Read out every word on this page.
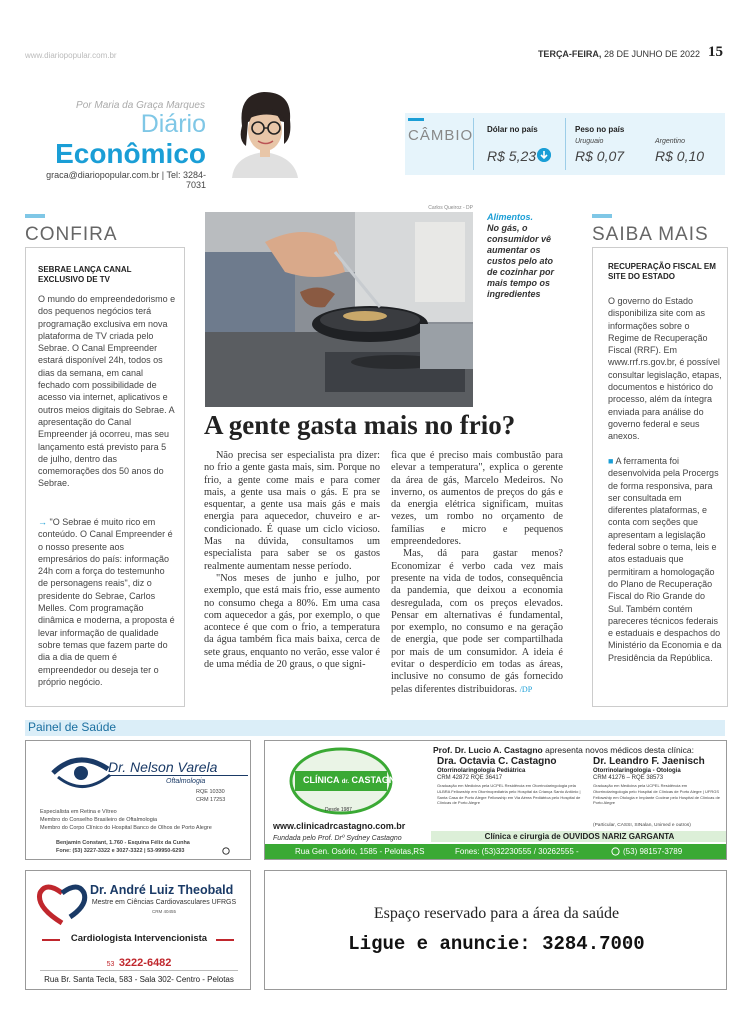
www.diariopopular.com.br	TERÇA-FEIRA, 28 DE JUNHO DE 2022 15
Por Maria da Graça Marques
Diário
Econômico
graca@diariopopular.com.br | Tel: 3284-7031
CÂMBIO Dólar no país
R$ 5,23
Peso no país
Uruguaio
R$ 0,07
Argentino
R$ 0,10
CONFIRA
SEBRAE LANÇA CANAL EXCLUSIVO DE TV
O mundo do empreendedorismo e dos pequenos negócios terá programação exclusiva em nova plataforma de TV criada pelo Sebrae. O Canal Empreender estará disponível 24h, todos os dias da semana, em canal fechado com possibilidade de acesso via internet, aplicativos e outros meios digitais do Sebrae. A apresentação do Canal Empreender já ocorreu, mas seu lançamento está previsto para 5 de julho, dentro das comemorações dos 50 anos do Sebrae.
→ "O Sebrae é muito rico em conteúdo. O Canal Empreender é o nosso presente aos empresários do país: informação 24h com a força do testemunho de personagens reais", diz o presidente do Sebrae, Carlos Melles. Com programação dinâmica e moderna, a proposta é levar informação de qualidade sobre temas que fazem parte do dia a dia de quem é empreendedor ou deseja ter o próprio negócio.
SAIBA MAIS
RECUPERAÇÃO FISCAL EM SITE DO ESTADO
O governo do Estado disponibiliza site com as informações sobre o Regime de Recuperação Fiscal (RRF). Em www.rrf.rs.gov.br, é possível consultar legislação, etapas, documentos e histórico do processo, além da íntegra enviada para análise do governo federal e seus anexos.
■ A ferramenta foi desenvolvida pela Procergs de forma responsiva, para ser consultada em diferentes plataformas, e conta com seções que apresentam a legislação federal sobre o tema, leis e atos estaduais que permitiram a homologação do Plano de Recuperação Fiscal do Rio Grande do Sul. Também contém pareceres técnicos federais e estaduais e despachos do Ministério da Economia e da Presidência da República.
Carlos Queiroz - DP
Alimentos.
No gás, o consumidor vê aumentar os custos pelo ato de cozinhar por mais tempo os ingredientes
A gente gasta mais no frio?

Não precisa ser especialista pra dizer: no frio a gente gasta mais, sim. Porque no frio, a gente come mais e para comer mais, a gente usa mais o gás. E pra se esquentar, a gente usa mais gás e mais energia para aquecedor, chuveiro e ar-condicionado. É quase um ciclo vicioso. Mas na dúvida, consultamos um especialista para saber se os gastos realmente aumentam nesse período.

"Nos meses de junho e julho, por exemplo, que está mais frio, esse aumento no consumo chega a 80%. Em uma casa com aquecedor a gás, por exemplo, o que acontece é que com o frio, a temperatura da água também fica mais baixa, cerca de sete graus, enquanto no verão, esse valor é de uma média de 20 graus, o que signi-

fica que é preciso mais combustão para elevar a temperatura", explica o gerente da área de gás, Marcelo Medeiros. No inverno, os aumentos de preços do gás e da energia elétrica significam, muitas vezes, um rombo no orçamento de famílias e micro e pequenos empreendedores.

Mas, dá para gastar menos? Economizar é verbo cada vez mais presente na vida de todos, consequência da pandemia, que deixou a economia desregulada, com os preços elevados. Pensar em alternativas é fundamental, por exemplo, no consumo e na geração de energia, que pode ser compartilhada por mais de um consumidor. A ideia é evitar o desperdício em todas as áreas, inclusive no consumo de gás fornecido pelas diferentes distribuidoras. /DP

Painel de Saúde
Dr. Nelson Varela
Oftalmologia
RQE 10330
CRM 17253
Especialista em Retina e Vítreo
Membro do Conselho Brasileiro de Oftalmologia
Membro do Corpo Clínico do Hospital Banco de Olhos de Porto Alegre
Benjamin Constant, 1.760 - Esquina Félix da Cunha
Fone: (53) 3227-3322 e 3027-3322 | 53-99950-6293
CLÍNICA dr. CASTAGNO
Desde 1987
www.clinicadrcastagno.com.br
Fundada pelo Prof. Drº Sydney Castagno
Prof. Dr. Lucio A. Castagno apresenta novos médicos desta clínica:
Dra. Octavia C. Castagno
Otorrinolaringologia Pediátrica
CRM 42872 RQE 36417
Graduação em Medicina pela UCPEL Residência em Otorrinolaringologia pela ULBRA Fellowship em Otorrinopediatria pelo Hospital da Criança Santo Antônio | Santa Casa de Porto Alegre Fellowship em Via Aérea Pediátrica pelo Hospital de Clínicas de Porto Alegre
Dr. Leandro F. Jaenisch
Otorrinolaringologia - Otologia
CRM 41276 – RQE 38573
Graduação em Medicina pela UCPEL Residência em Otorrinolaringologia pelo Hospital de Clínicas de Porto Alegre | UFRGS Fellowship em Otologia e Implante Coclear pelo Hospital de Clínicas de Porto Alegre
(Particular, CASSI, SINalan, Unimed e outros)
Clínica e cirurgia de OUVIDOS NARIZ GARGANTA
Rua Gen. Osório, 1585 - Pelotas,RS	Fones: (53)32230555 / 30262555 -	(53) 98157-3789
Dr. André Luiz Theobald
Mestre em Ciências Cardiovasculares UFRGS
CRM 40455
Cardiologista Intervencionista
53 3222-6482
Rua Br. Santa Tecla, 583 - Sala 302- Centro - Pelotas
Espaço reservado para a área da saúde
Ligue e anuncie: 3284.7000
